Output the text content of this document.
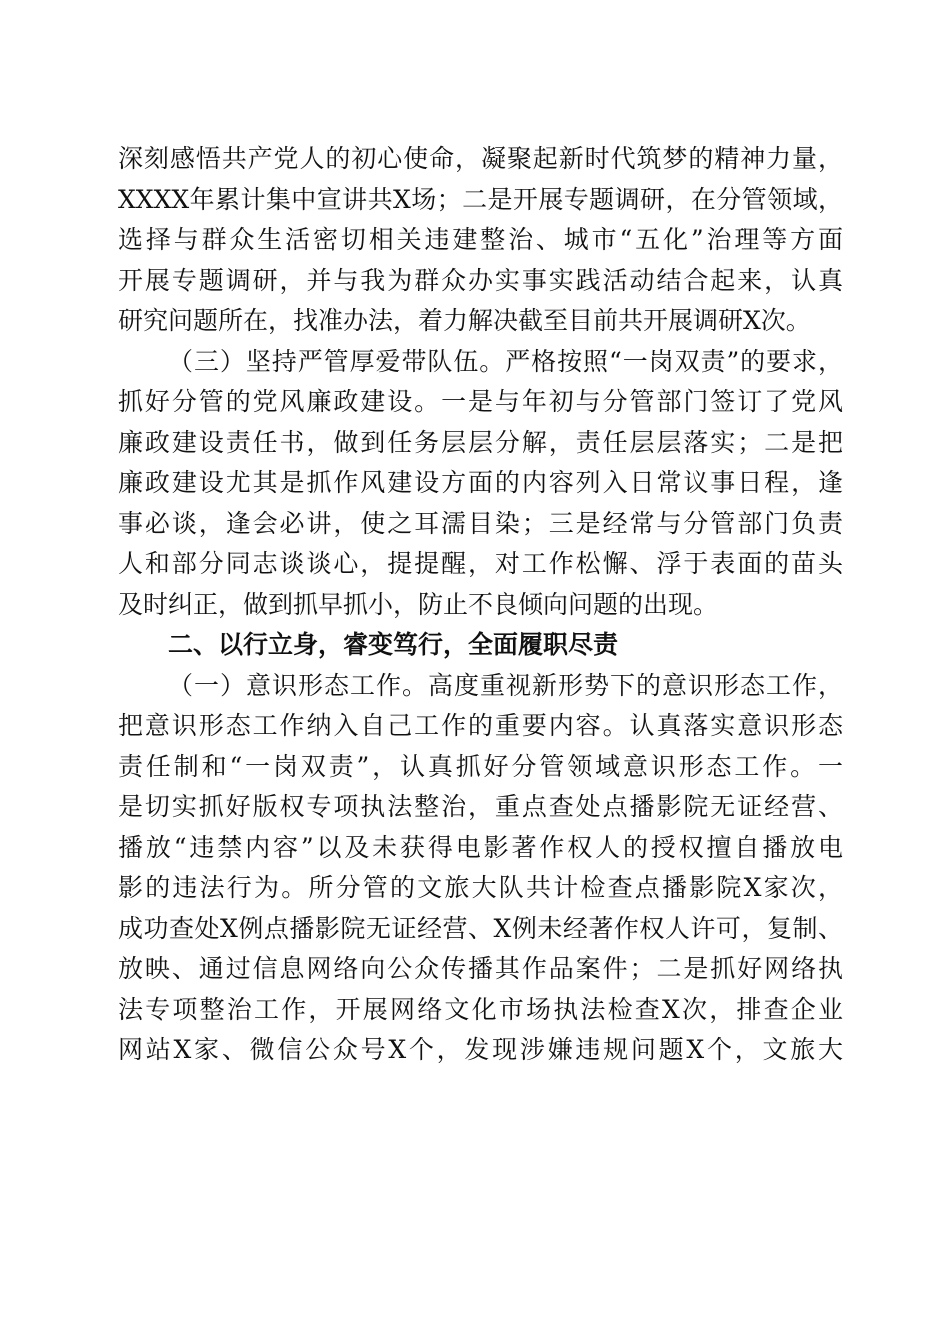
深刻感悟共产党人的初心使命，凝聚起新时代筑梦的精神力量，
XXXX年累计集中宣讲共X场；二是开展专题调研，在分管领域，
选择与群众生活密切相关违建整治、城市“五化”治理等方面
开展专题调研，并与我为群众办实事实践活动结合起来，认真
研究问题所在，找准办法，着力解决截至目前共开展调研X次。
（三）坚持严管厚爱带队伍。严格按照“一岗双责”的要求，
抓好分管的党风廉政建设。一是与年初与分管部门签订了党风
廉政建设责任书，做到任务层层分解，责任层层落实；二是把
廉政建设尤其是抓作风建设方面的内容列入日常议事日程，逢
事必谈，逢会必讲，使之耳濡目染；三是经常与分管部门负责
人和部分同志谈谈心，提提醒，对工作松懈、浮于表面的苗头
及时纠正，做到抓早抓小，防止不良倾向问题的出现。
二、以行立身，睿变笃行，全面履职尽责
（一）意识形态工作。高度重视新形势下的意识形态工作，
把意识形态工作纳入自己工作的重要内容。认真落实意识形态
责任制和“一岗双责”，认真抓好分管领域意识形态工作。一
是切实抓好版权专项执法整治，重点查处点播影院无证经营、
播放“违禁内容”以及未获得电影著作权人的授权擅自播放电
影的违法行为。所分管的文旅大队共计检查点播影院X家次，
成功查处X例点播影院无证经营、X例未经著作权人许可，复制、
放映、通过信息网络向公众传播其作品案件；二是抓好网络执
法专项整治工作，开展网络文化市场执法检查X次，排查企业
网站X家、微信公众号X个，发现涉嫌违规问题X个，文旅大
